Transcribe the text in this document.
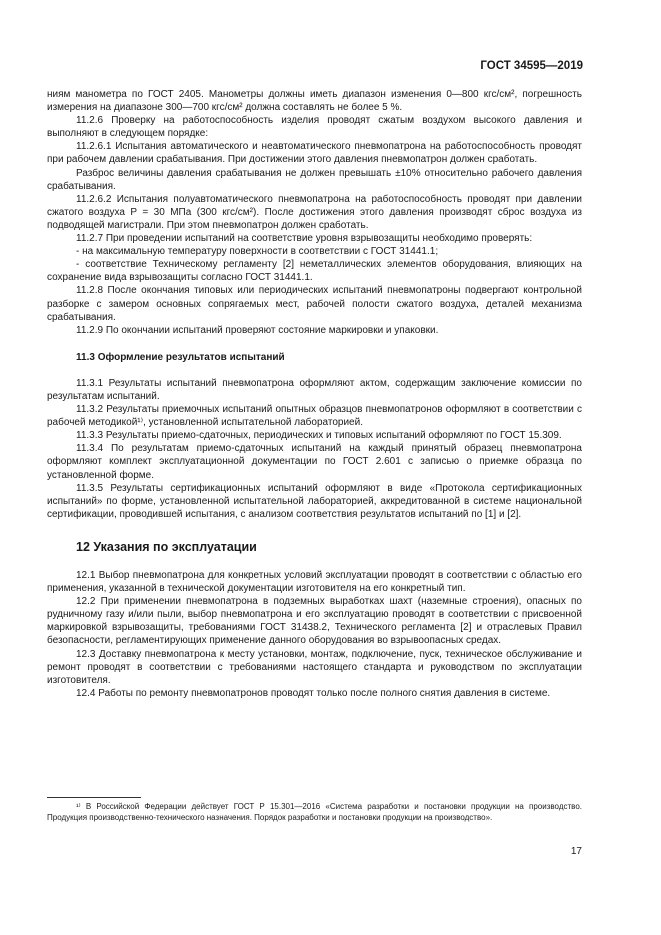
ГОСТ 34595—2019

ниям манометра по ГОСТ 2405. Манометры должны иметь диапазон изменения 0—800 кгс/см², погрешность измерения на диапазоне 300—700 кгс/см² должна составлять не более 5 %.

11.2.6 Проверку на работоспособность изделия проводят сжатым воздухом высокого давления и выполняют в следующем порядке:

11.2.6.1 Испытания автоматического и неавтоматического пневмопатрона на работоспособность проводят при рабочем давлении срабатывания. При достижении этого давления пневмопатрон должен сработать.

Разброс величины давления срабатывания не должен превышать ±10% относительно рабочего давления срабатывания.

11.2.6.2 Испытания полуавтоматического пневмопатрона на работоспособность проводят при давлении сжатого воздуха P = 30 МПа (300 кгс/см²). После достижения этого давления производят сброс воздуха из подводящей магистрали. При этом пневмопатрон должен сработать.

11.2.7 При проведении испытаний на соответствие уровня взрывозащиты необходимо проверять:

- на максимальную температуру поверхности в соответствии с ГОСТ 31441.1;

- соответствие Техническому регламенту [2] неметаллических элементов оборудования, влияющих на сохранение вида взрывозащиты согласно ГОСТ 31441.1.

11.2.8 После окончания типовых или периодических испытаний пневмопатроны подвергают контрольной разборке с замером основных сопрягаемых мест, рабочей полости сжатого воздуха, деталей механизма срабатывания.

11.2.9 По окончании испытаний проверяют состояние маркировки и упаковки.

11.3 Оформление результатов испытаний

11.3.1 Результаты испытаний пневмопатрона оформляют актом, содержащим заключение комиссии по результатам испытаний.

11.3.2 Результаты приемочных испытаний опытных образцов пневмопатронов оформляют в соответствии с рабочей методикой¹⁾, установленной испытательной лабораторией.

11.3.3 Результаты приемо-сдаточных, периодических и типовых испытаний оформляют по ГОСТ 15.309.

11.3.4 По результатам приемо-сдаточных испытаний на каждый принятый образец пневмопатрона оформляют комплект эксплуатационной документации по ГОСТ 2.601 с записью о приемке образца по установленной форме.

11.3.5 Результаты сертификационных испытаний оформляют в виде «Протокола сертификационных испытаний» по форме, установленной испытательной лабораторией, аккредитованной в системе национальной сертификации, проводившей испытания, с анализом соответствия результатов испытаний по [1] и [2].

12 Указания по эксплуатации

12.1 Выбор пневмопатрона для конкретных условий эксплуатации проводят в соответствии с областью его применения, указанной в технической документации изготовителя на его конкретный тип.

12.2 При применении пневмопатрона в подземных выработках шахт (наземные строения), опасных по рудничному газу и/или пыли, выбор пневмопатрона и его эксплуатацию проводят в соответствии с присвоенной маркировкой взрывозащиты, требованиями ГОСТ 31438.2, Технического регламента [2] и отраслевых Правил безопасности, регламентирующих применение данного оборудования во взрывоопасных средах.

12.3 Доставку пневмопатрона к месту установки, монтаж, подключение, пуск, техническое обслуживание и ремонт проводят в соответствии с требованиями настоящего стандарта и руководством по эксплуатации изготовителя.

12.4 Работы по ремонту пневмопатронов проводят только после полного снятия давления в системе.

¹⁾ В Российской Федерации действует ГОСТ Р 15.301—2016 «Система разработки и постановки продукции на производство. Продукция производственно-технического назначения. Порядок разработки и постановки продукции на производство».

17
